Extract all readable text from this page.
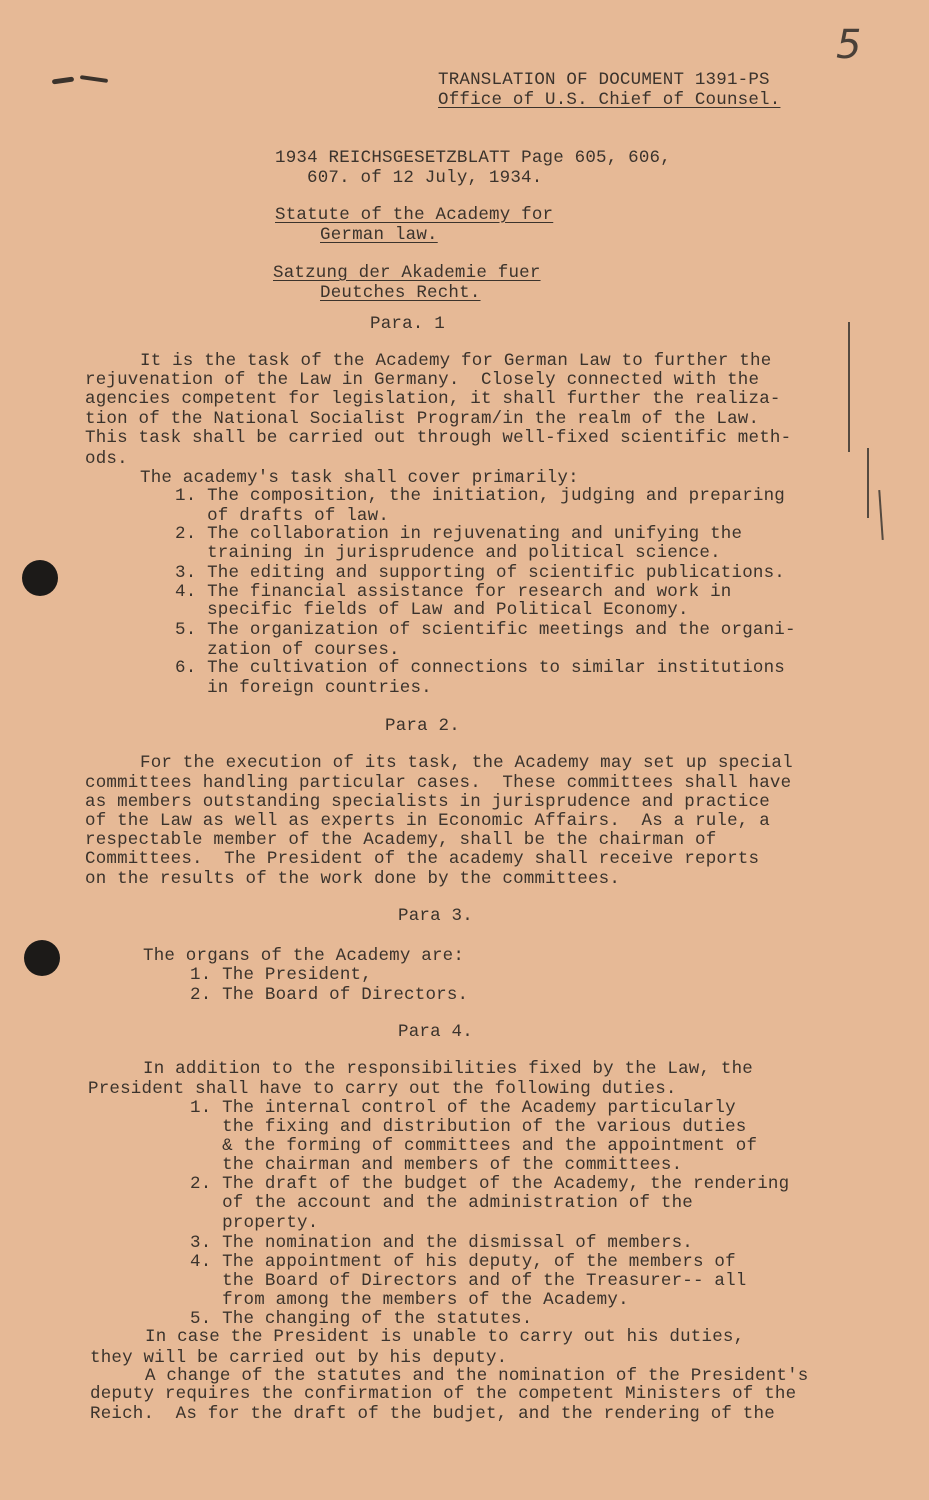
5
TRANSLATION OF DOCUMENT 1391-PS
Office of U.S. Chief of Counsel.
1934 REICHSGESETZBLATT Page 605, 606,
607. of 12 July, 1934.
Statute of the Academy for
German law.
Satzung der Akademie fuer
Deutches Recht.
Para. 1
It is the task of the Academy for German Law to further the
rejuvenation of the Law in Germany.  Closely connected with the
agencies competent for legislation, it shall further the realiza-
tion of the National Socialist Program/in the realm of the Law.
This task shall be carried out through well-fixed scientific meth-
ods.
The academy's task shall cover primarily:
1. The composition, the initiation, judging and preparing
of drafts of law.
2. The collaboration in rejuvenating and unifying the
training in jurisprudence and political science.
3. The editing and supporting of scientific publications.
4. The financial assistance for research and work in
specific fields of Law and Political Economy.
5. The organization of scientific meetings and the organi-
zation of courses.
6. The cultivation of connections to similar institutions
in foreign countries.
Para 2.
For the execution of its task, the Academy may set up special
committees handling particular cases.  These committees shall have
as members outstanding specialists in jurisprudence and practice
of the Law as well as experts in Economic Affairs.  As a rule, a
respectable member of the Academy, shall be the chairman of
Committees.  The President of the academy shall receive reports
on the results of the work done by the committees.
Para 3.
The organs of the Academy are:
1. The President,
2. The Board of Directors.
Para 4.
In addition to the responsibilities fixed by the Law, the
President shall have to carry out the following duties.
1. The internal control of the Academy particularly
the fixing and distribution of the various duties
& the forming of committees and the appointment of
the chairman and members of the committees.
2. The draft of the budget of the Academy, the rendering
of the account and the administration of the
property.
3. The nomination and the dismissal of members.
4. The appointment of his deputy, of the members of
the Board of Directors and of the Treasurer-- all
from among the members of the Academy.
5. The changing of the statutes.
In case the President is unable to carry out his duties,
they will be carried out by his deputy.
A change of the statutes and the nomination of the President's
deputy requires the confirmation of the competent Ministers of the
Reich.  As for the draft of the budjet, and the rendering of the
